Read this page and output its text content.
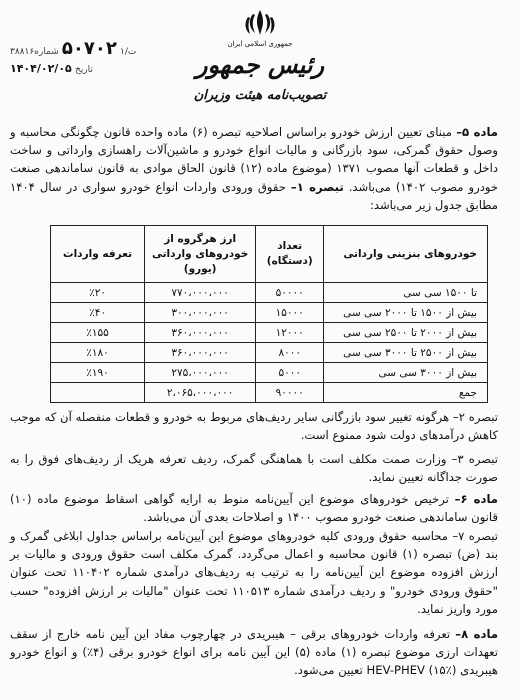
جمهوری اسلامی ایران
رئیس جمهور
تصویب‌نامه هیئت وزیران
۳۸۸۱۶ت/۱ ۵۰۷۰۲ شماره
۱۴۰۴/۰۲/۰۵ تاریخ
ماده ۵– مبنای تعیین ارزش خودرو براساس اصلاحیه تبصره (۶) ماده واحده قانون چگونگی محاسبه و وصول حقوق گمرکی، سود بازرگانی و مالیات انواع خودرو و ماشین‌آلات راهسازی وارداتی و ساخت داخل و قطعات آنها مصوب ۱۳۷۱ (موضوع ماده (۱۲) قانون الحاق موادی به قانون ساماندهی صنعت خودرو مصوب ۱۴۰۲) می‌باشد. تبصره ۱– حقوق ورودی واردات انواع خودرو سواری در سال ۱۴۰۴ مطابق جدول زیر می‌باشد:
خودروهای بنزینی وارداتی	تعداد (دستگاه)	ارز هرگروه از خودروهای وارداتی (یورو)	تعرفه واردات
تا ۱۵۰۰ سی سی	۵۰۰۰۰	۷۷۰،۰۰۰،۰۰۰	٪۲۰
بیش از ۱۵۰۰ تا ۲۰۰۰ سی سی	۱۵۰۰۰	۳۰۰،۰۰۰،۰۰۰	٪۴۰
بیش از ۲۰۰۰ تا ۲۵۰۰ سی سی	۱۲۰۰۰	۳۶۰،۰۰۰،۰۰۰	٪۱۵۵
بیش از ۲۵۰۰ تا ۳۰۰۰ سی سی	۸۰۰۰	۳۶۰،۰۰۰،۰۰۰	٪۱۸۰
بیش از ۳۰۰۰ سی سی	۵۰۰۰	۲۷۵،۰۰۰،۰۰۰	٪۱۹۰
جمع	۹۰۰۰۰	۲،۰۶۵،۰۰۰،۰۰۰	
تبصره ۲– هرگونه تغییر سود بازرگانی سایر ردیف‌های مربوط به خودرو و قطعات منفصله آن که موجب کاهش درآمدهای دولت شود ممنوع است.
تبصره ۳– وزارت صمت مکلف است با هماهنگی گمرک، ردیف تعرفه هریک از ردیف‌های فوق را به صورت جداگانه تعیین نماید.
ماده ۶– ترخیص خودروهای موضوع این آیین‌نامه منوط به ارایه گواهی اسقاط موضوع ماده (۱۰) قانون ساماندهی صنعت خودرو مصوب ۱۴۰۰ و اصلاحات بعدی آن می‌باشد.
تبصره ۷– محاسبه حقوق ورودی کلیه خودروهای موضوع این آیین‌نامه براساس جداول ابلاغی گمرک و بند (ض) تبصره (۱) قانون محاسبه و اعمال می‌گردد. گمرک مکلف است حقوق ورودی و مالیات بر ارزش افزوده موضوع این آیین‌نامه را به ترتیب به ردیف‌های درآمدی شماره ۱۱۰۴۰۲ تحت عنوان "حقوق ورودی خودرو" و ردیف درآمدی شماره ۱۱۰۵۱۳ تحت عنوان "مالیات بر ارزش افزوده" حسب مورد واریز نماید.
ماده ۸– تعرفه واردات خودروهای برقی – هیبریدی در چهارچوب مفاد این آیین نامه خارج از سقف تعهدات ارزی موضوع تبصره (۱) ماده (۵) این آیین نامه برای انواع خودرو برقی (۴٪) و انواع خودرو هیبریدی HEV-PHEV (۱۵٪) تعیین می‌شود.
